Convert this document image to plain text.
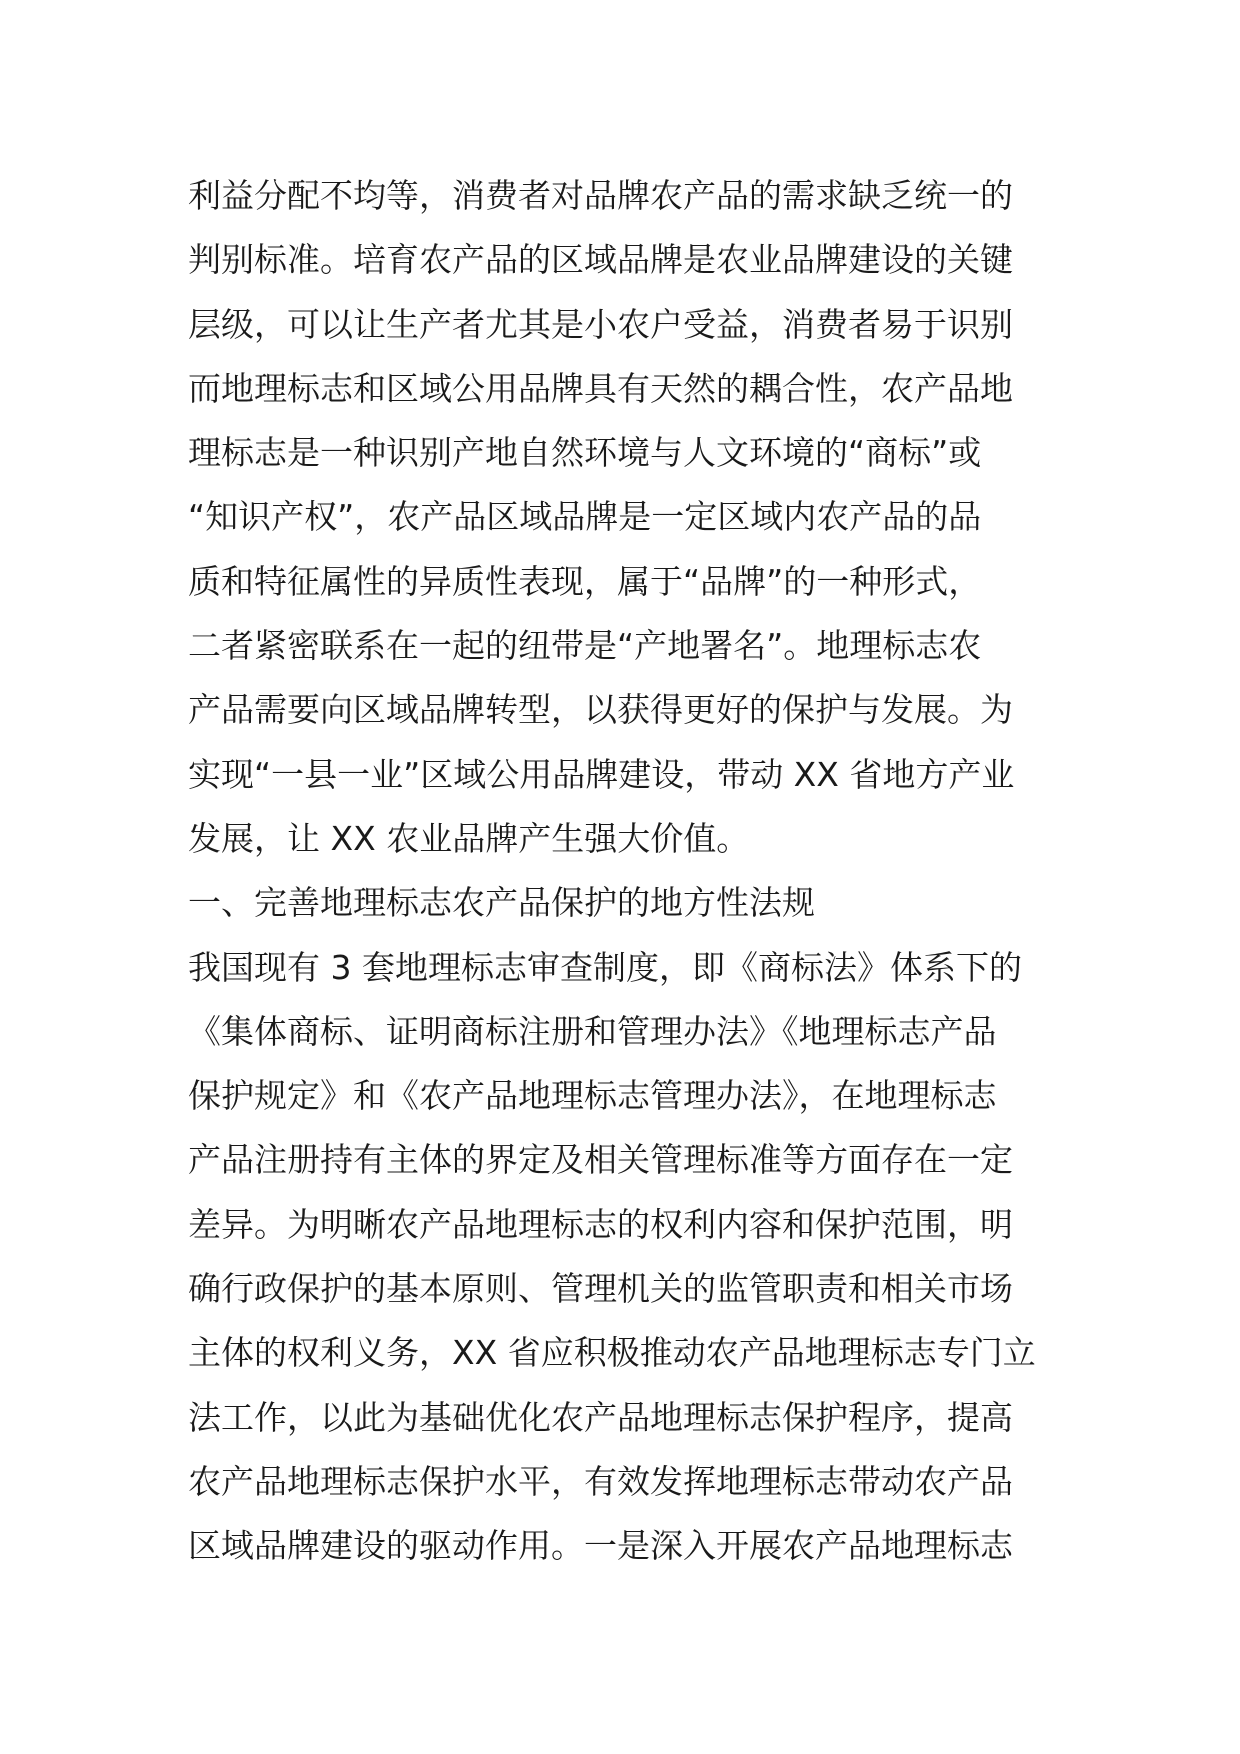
利益分配不均等，消费者对品牌农产品的需求缺乏统一的
判别标准。培育农产品的区域品牌是农业品牌建设的关键
层级，可以让生产者尤其是小农户受益，消费者易于识别
而地理标志和区域公用品牌具有天然的耦合性，农产品地
理标志是一种识别产地自然环境与人文环境的“商标”或
“知识产权”，农产品区域品牌是一定区域内农产品的品
质和特征属性的异质性表现，属于“品牌”的一种形式，
二者紧密联系在一起的纽带是“产地署名”。地理标志农
产品需要向区域品牌转型，以获得更好的保护与发展。为
实现“一县一业”区域公用品牌建设，带动 XX 省地方产业
发展，让 XX 农业品牌产生强大价值。
一、完善地理标志农产品保护的地方性法规
我国现有 3 套地理标志审查制度，即《商标法》体系下的
《集体商标、证明商标注册和管理办法》《地理标志产品
保护规定》和《农产品地理标志管理办法》，在地理标志
产品注册持有主体的界定及相关管理标准等方面存在一定
差异。为明晰农产品地理标志的权利内容和保护范围，明
确行政保护的基本原则、管理机关的监管职责和相关市场
主体的权利义务，XX 省应积极推动农产品地理标志专门立
法工作，以此为基础优化农产品地理标志保护程序，提高
农产品地理标志保护水平，有效发挥地理标志带动农产品
区域品牌建设的驱动作用。一是深入开展农产品地理标志
